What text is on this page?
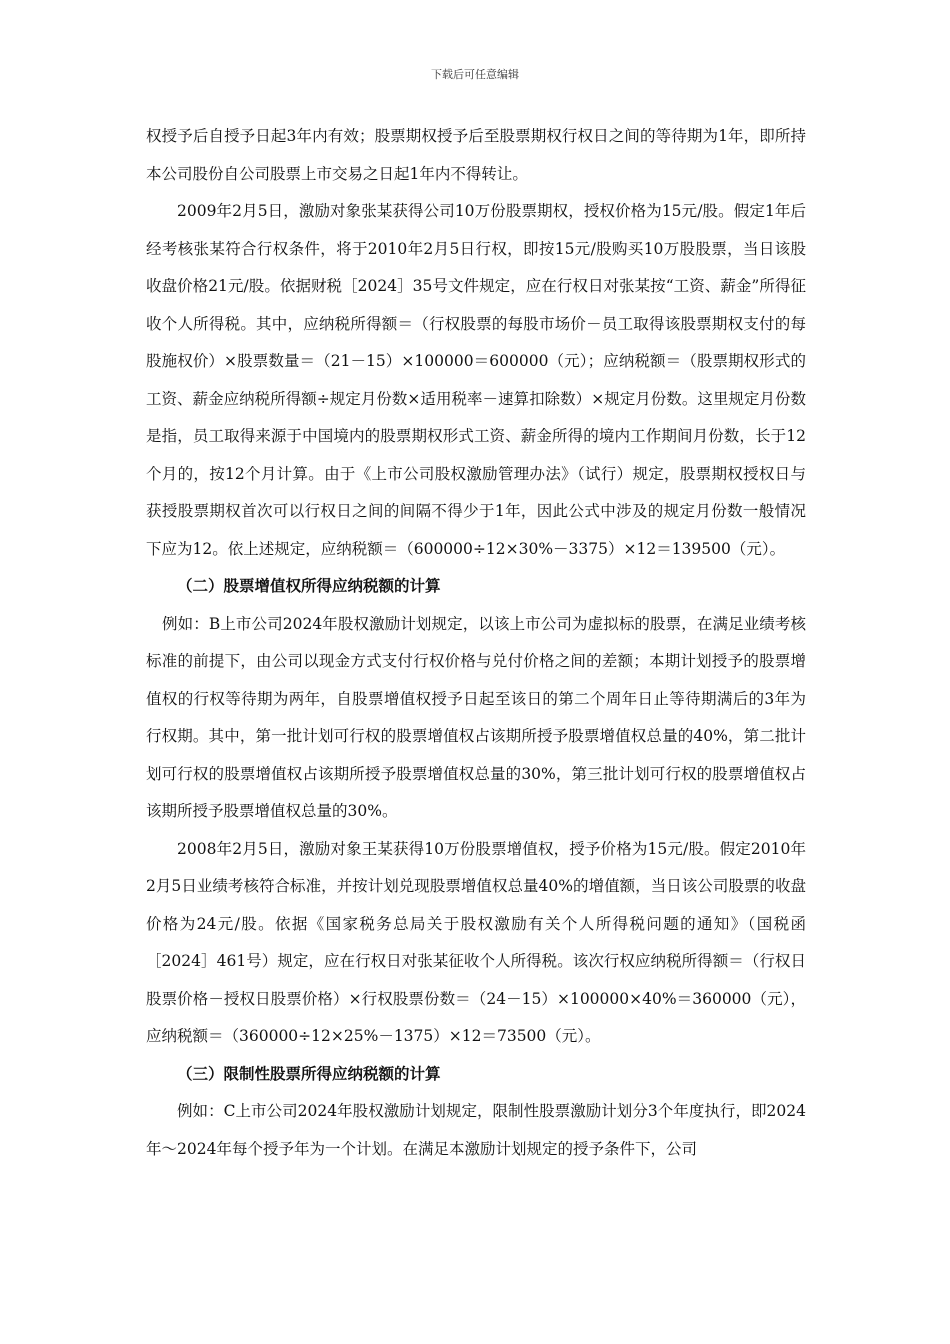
下载后可任意编辑

权授予后自授予日起3年内有效；股票期权授予后至股票期权行权日之间的等待期为1年，即所持本公司股份自公司股票上市交易之日起1年内不得转让。

2009年2月5日，激励对象张某获得公司10万份股票期权，授权价格为15元/股。假定1年后经考核张某符合行权条件，将于2010年2月5日行权，即按15元/股购买10万股股票，当日该股收盘价格21元/股。依据财税［2024］35号文件规定，应在行权日对张某按“工资、薪金”所得征收个人所得税。其中，应纳税所得额＝（行权股票的每股市场价－员工取得该股票期权支付的每股施权价）×股票数量＝（21－15）×100000＝600000（元）；应纳税额＝（股票期权形式的工资、薪金应纳税所得额÷规定月份数×适用税率－速算扣除数）×规定月份数。这里规定月份数是指，员工取得来源于中国境内的股票期权形式工资、薪金所得的境内工作期间月份数，长于12个月的，按12个月计算。由于《上市公司股权激励管理办法》（试行）规定，股票期权授权日与获授股票期权首次可以行权日之间的间隔不得少于1年，因此公式中涉及的规定月份数一般情况下应为12。依上述规定，应纳税额＝（600000÷12×30%－3375）×12＝139500（元）。

（二）股票增值权所得应纳税额的计算

例如：B上市公司2024年股权激励计划规定，以该上市公司为虚拟标的股票，在满足业绩考核标准的前提下，由公司以现金方式支付行权价格与兑付价格之间的差额；本期计划授予的股票增值权的行权等待期为两年，自股票增值权授予日起至该日的第二个周年日止等待期满后的3年为行权期。其中，第一批计划可行权的股票增值权占该期所授予股票增值权总量的40%，第二批计划可行权的股票增值权占该期所授予股票增值权总量的30%，第三批计划可行权的股票增值权占该期所授予股票增值权总量的30%。

2008年2月5日，激励对象王某获得10万份股票增值权，授予价格为15元/股。假定2010年2月5日业绩考核符合标准，并按计划兑现股票增值权总量40%的增值额，当日该公司股票的收盘价格为24元/股。依据《国家税务总局关于股权激励有关个人所得税问题的通知》（国税函［2024］461号）规定，应在行权日对张某征收个人所得税。该次行权应纳税所得额＝（行权日股票价格－授权日股票价格）×行权股票份数＝（24－15）×100000×40%＝360000（元），应纳税额＝（360000÷12×25%－1375）×12＝73500（元）。

（三）限制性股票所得应纳税额的计算

例如：C上市公司2024年股权激励计划规定，限制性股票激励计划分3个年度执行，即2024年～2024年每个授予年为一个计划。在满足本激励计划规定的授予条件下，公司
